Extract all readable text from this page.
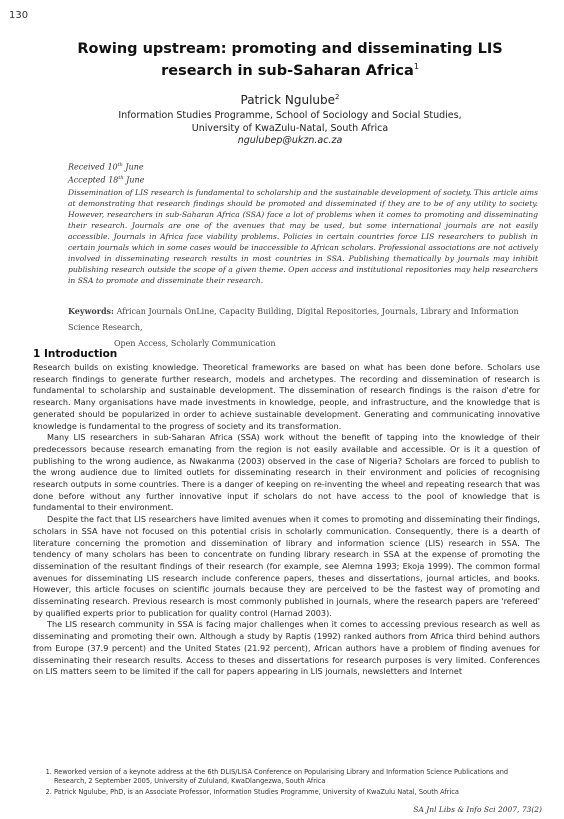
130
Rowing upstream: promoting and disseminating LIS research in sub-Saharan Africa$^1$
Patrick Ngulube$^2$
Information Studies Programme, School of Sociology and Social Studies,
University of KwaZulu-Natal, South Africa
ngulubep@ukzn.ac.za
Received 10th June
Accepted 18th June
Dissemination of LIS research is fundamental to scholarship and the sustainable development of society. This article aims at demonstrating that research findings should be promoted and disseminated if they are to be of any utility to society. However, researchers in sub-Saharan Africa (SSA) face a lot of problems when it comes to promoting and disseminating their research. Journals are one of the avenues that may be used, but some international journals are not easily accessible. Journals in Africa face viability problems. Policies in certain countries force LIS researchers to publish in certain journals which in some cases would be inaccessible to African scholars. Professional associations are not actively involved in disseminating research results in most countries in SSA. Publishing thematically by journals may inhibit publishing research outside the scope of a given theme. Open access and institutional repositories may help researchers in SSA to promote and disseminate their research.
Keywords: African Journals OnLine, Capacity Building, Digital Repositories, Journals, Library and Information Science Research,
Open Access, Scholarly Communication
1 Introduction

Research builds on existing knowledge. Theoretical frameworks are based on what has been done before. Scholars use research findings to generate further research, models and archetypes. The recording and dissemination of research is fundamental to scholarship and sustainable development. The dissemination of research findings is the raison d'etre for research. Many organisations have made investments in knowledge, people, and infrastructure, and the knowledge that is generated should be popularized in order to achieve sustainable development. Generating and communicating innovative knowledge is fundamental to the progress of society and its transformation.

Many LIS researchers in sub-Saharan Africa (SSA) work without the benefit of tapping into the knowledge of their predecessors because research emanating from the region is not easily available and accessible. Or is it a question of publishing to the wrong audience, as Nwakanma (2003) observed in the case of Nigeria? Scholars are forced to publish to the wrong audience due to limited outlets for disseminating research in their environment and policies of recognising research outputs in some countries. There is a danger of keeping on re-inventing the wheel and repeating research that was done before without any further innovative input if scholars do not have access to the pool of knowledge that is fundamental to their environment.

Despite the fact that LIS researchers have limited avenues when it comes to promoting and disseminating their findings, scholars in SSA have not focused on this potential crisis in scholarly communication. Consequently, there is a dearth of literature concerning the promotion and dissemination of library and information science (LIS) research in SSA. The tendency of many scholars has been to concentrate on funding library research in SSA at the expense of promoting the dissemination of the resultant findings of their research (for example, see Alemna 1993; Ekoja 1999). The common formal avenues for disseminating LIS research include conference papers, theses and dissertations, journal articles, and books. However, this article focuses on scientific journals because they are perceived to be the fastest way of promoting and disseminating research. Previous research is most commonly published in journals, where the research papers are 'refereed' by qualified experts prior to publication for quality control (Harnad 2003).

The LIS research community in SSA is facing major challenges when it comes to accessing previous research as well as disseminating and promoting their own. Although a study by Raptis (1992) ranked authors from Africa third behind authors from Europe (37.9 percent) and the United States (21.92 percent), African authors have a problem of finding avenues for disseminating their research results. Access to theses and dissertations for research purposes is very limited. Conferences on LIS matters seem to be limited if the call for papers appearing in LIS journals, newsletters and Internet

1. Reworked version of a keynote address at the 6th DLIS/LISA Conference on Popularising Library and Information Science Publications and Research, 2 September 2005, University of Zululand, KwaDlangezwa, South Africa
2. Patrick Ngulube, PhD, is an Associate Professor, Information Studies Programme, University of KwaZulu Natal, South Africa
SA Jnl Libs & Info Sci 2007, 73(2)
